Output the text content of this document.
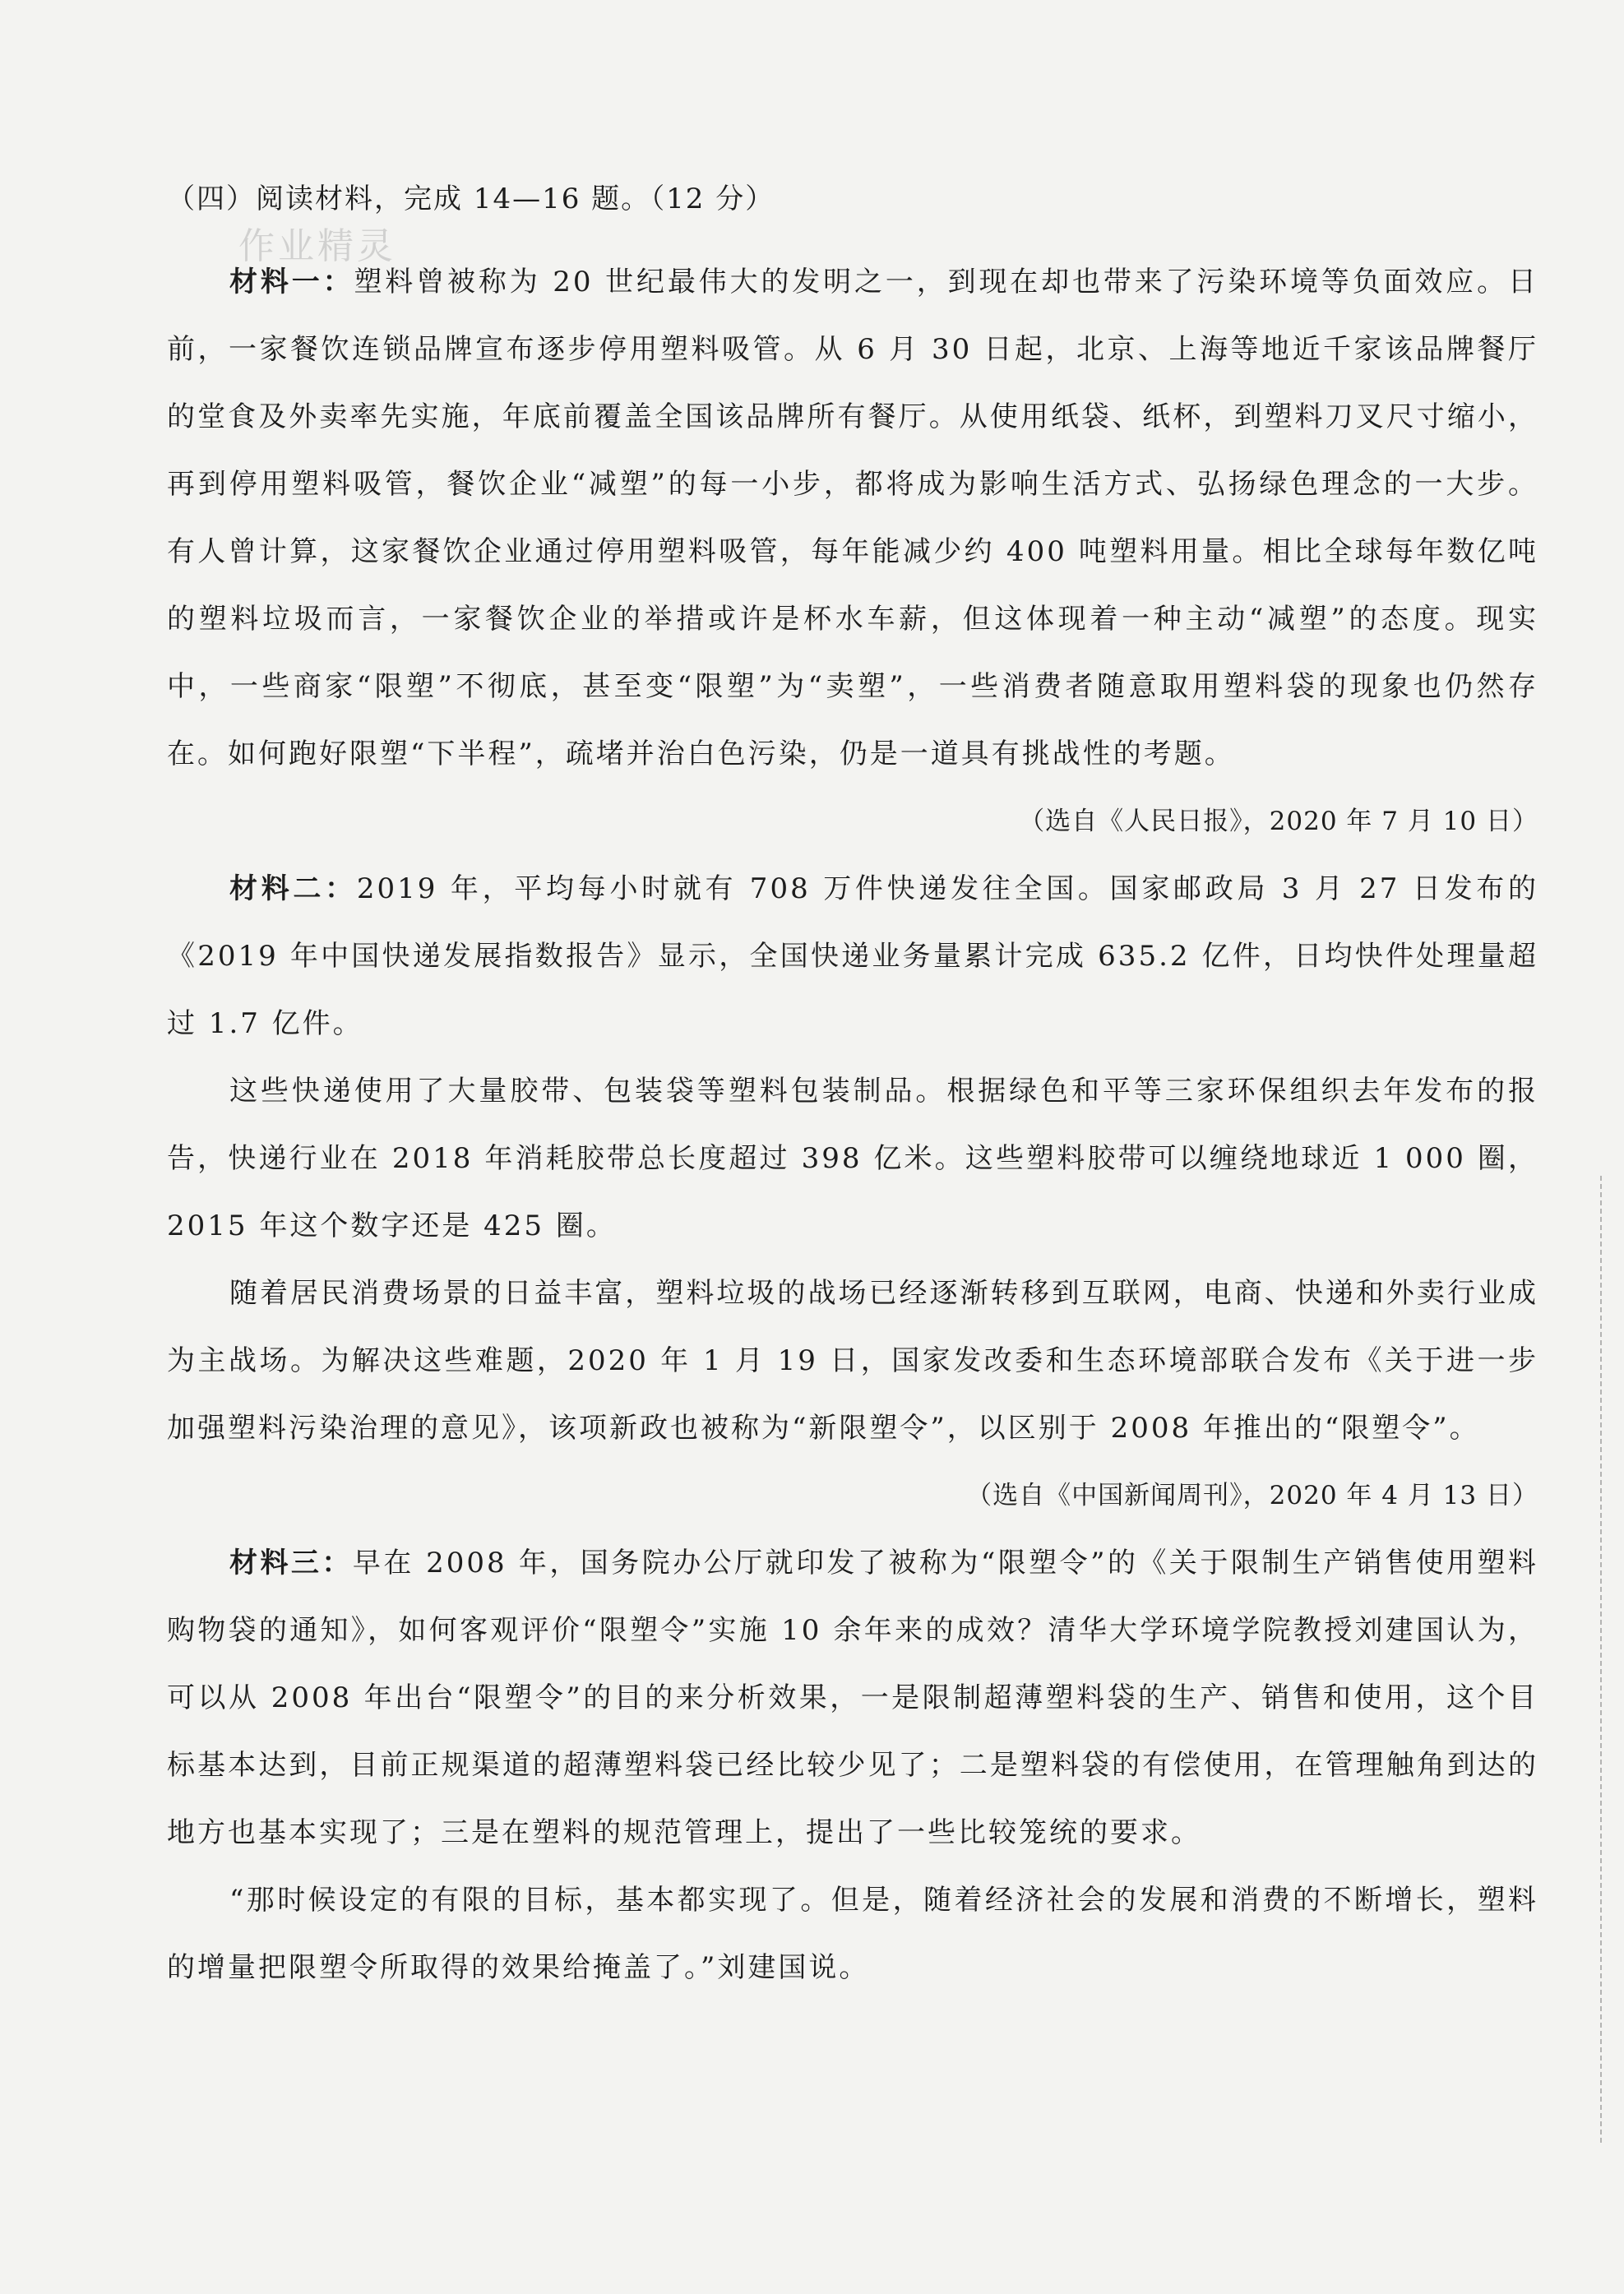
作业精灵

（四）阅读材料，完成 14—16 题。（12 分）

材料一：塑料曾被称为 20 世纪最伟大的发明之一，到现在却也带来了污染环境等负面效应。日前，一家餐饮连锁品牌宣布逐步停用塑料吸管。从 6 月 30 日起，北京、上海等地近千家该品牌餐厅的堂食及外卖率先实施，年底前覆盖全国该品牌所有餐厅。从使用纸袋、纸杯，到塑料刀叉尺寸缩小，再到停用塑料吸管，餐饮企业“减塑”的每一小步，都将成为影响生活方式、弘扬绿色理念的一大步。有人曾计算，这家餐饮企业通过停用塑料吸管，每年能减少约 400 吨塑料用量。相比全球每年数亿吨的塑料垃圾而言，一家餐饮企业的举措或许是杯水车薪，但这体现着一种主动“减塑”的态度。现实中，一些商家“限塑”不彻底，甚至变“限塑”为“卖塑”，一些消费者随意取用塑料袋的现象也仍然存在。如何跑好限塑“下半程”，疏堵并治白色污染，仍是一道具有挑战性的考题。

（选自《人民日报》，2020 年 7 月 10 日）

材料二：2019 年，平均每小时就有 708 万件快递发往全国。国家邮政局 3 月 27 日发布的《2019 年中国快递发展指数报告》显示，全国快递业务量累计完成 635.2 亿件，日均快件处理量超过 1.7 亿件。

这些快递使用了大量胶带、包装袋等塑料包装制品。根据绿色和平等三家环保组织去年发布的报告，快递行业在 2018 年消耗胶带总长度超过 398 亿米。这些塑料胶带可以缠绕地球近 1 000 圈，2015 年这个数字还是 425 圈。

随着居民消费场景的日益丰富，塑料垃圾的战场已经逐渐转移到互联网，电商、快递和外卖行业成为主战场。为解决这些难题，2020 年 1 月 19 日，国家发改委和生态环境部联合发布《关于进一步加强塑料污染治理的意见》，该项新政也被称为“新限塑令”，以区别于 2008 年推出的“限塑令”。

（选自《中国新闻周刊》，2020 年 4 月 13 日）

材料三：早在 2008 年，国务院办公厅就印发了被称为“限塑令”的《关于限制生产销售使用塑料购物袋的通知》，如何客观评价“限塑令”实施 10 余年来的成效？清华大学环境学院教授刘建国认为，可以从 2008 年出台“限塑令”的目的来分析效果，一是限制超薄塑料袋的生产、销售和使用，这个目标基本达到，目前正规渠道的超薄塑料袋已经比较少见了；二是塑料袋的有偿使用，在管理触角到达的地方也基本实现了；三是在塑料的规范管理上，提出了一些比较笼统的要求。

“那时候设定的有限的目标，基本都实现了。但是，随着经济社会的发展和消费的不断增长，塑料的增量把限塑令所取得的效果给掩盖了。”刘建国说。
